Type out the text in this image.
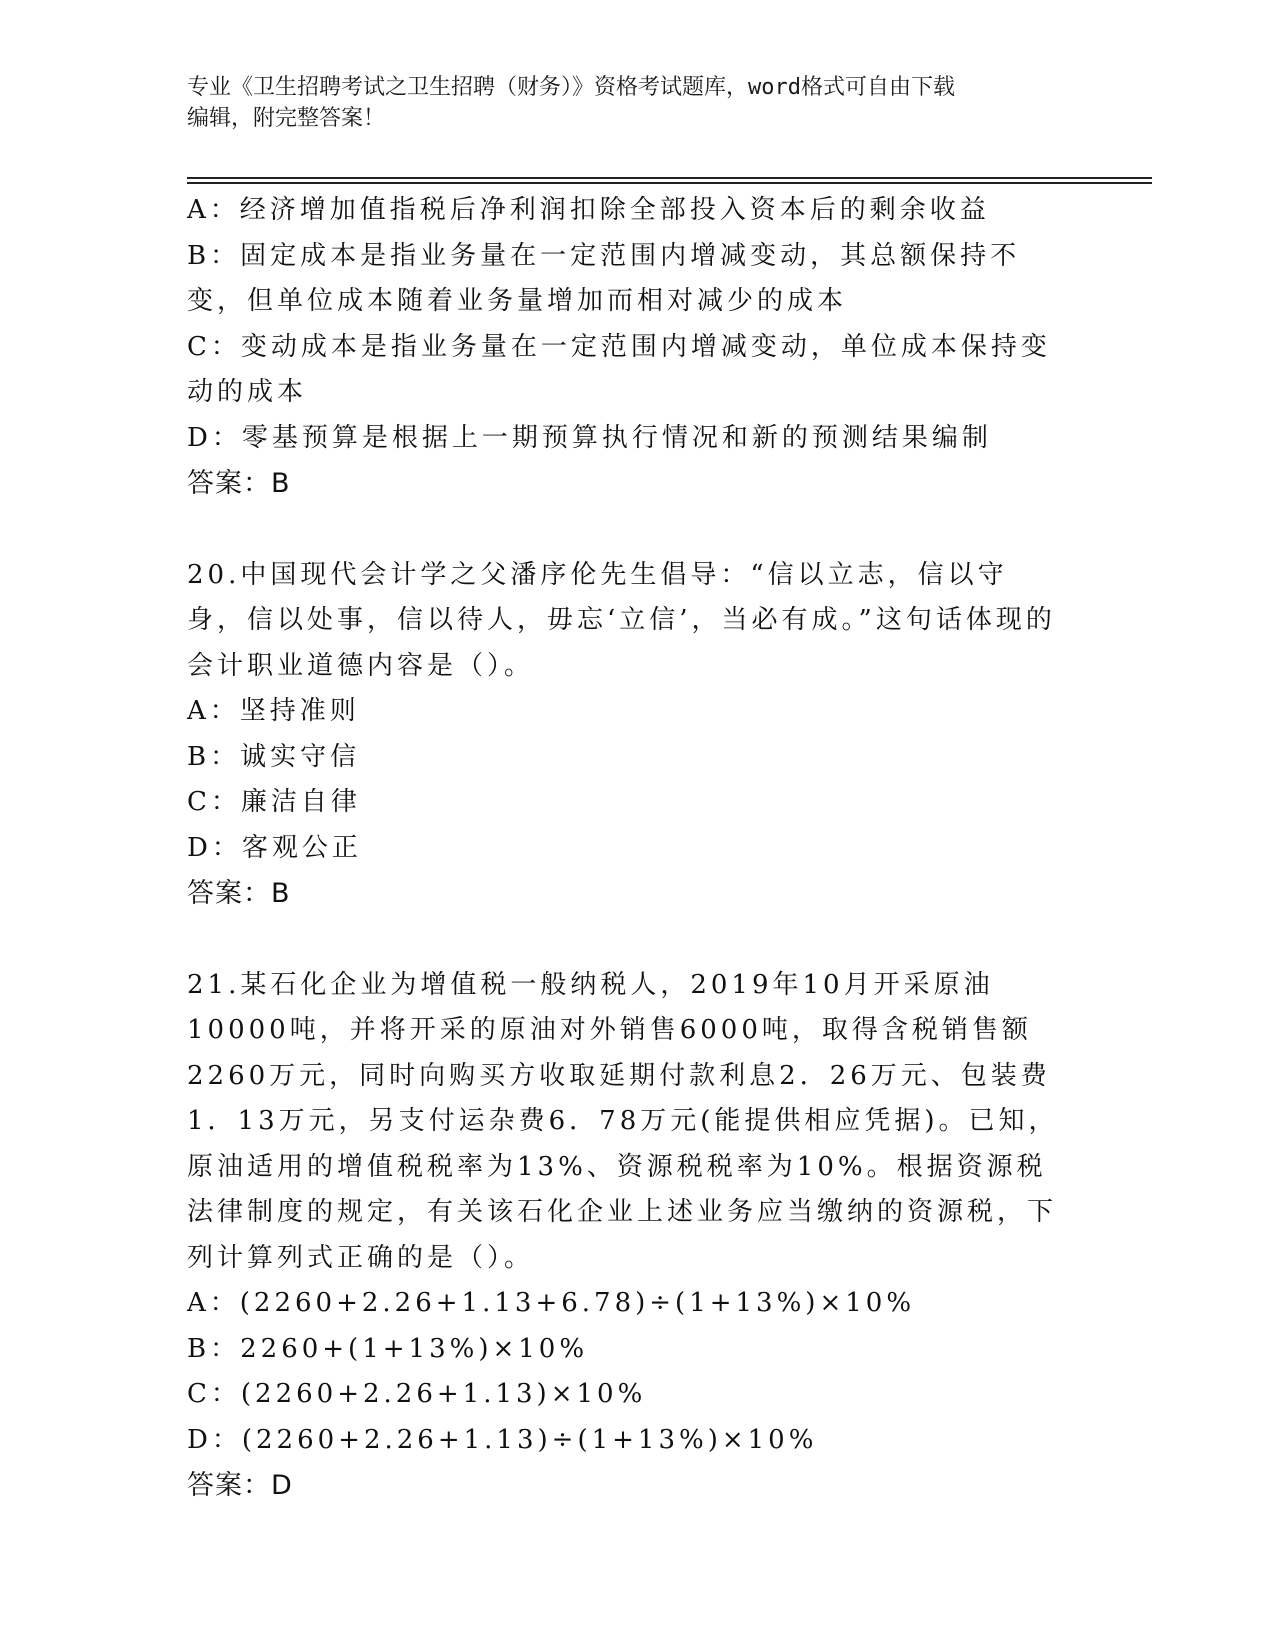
专业《卫生招聘考试之卫生招聘（财务）》资格考试题库，word格式可自由下载
编辑，附完整答案！

A：经济增加值指税后净利润扣除全部投入资本后的剩余收益

B：固定成本是指业务量在一定范围内增减变动，其总额保持不变，但单位成本随着业务量增加而相对减少的成本

C：变动成本是指业务量在一定范围内增减变动，单位成本保持变动的成本

D：零基预算是根据上一期预算执行情况和新的预测结果编制

答案：B

20.中国现代会计学之父潘序伦先生倡导：“信以立志，信以守身，信以处事，信以待人，毋忘‘立信’，当必有成。”这句话体现的会计职业道德内容是（）。

A：坚持准则

B：诚实守信

C：廉洁自律

D：客观公正

答案：B

21.某石化企业为增值税一般纳税人，2019年10月开采原油10000吨，并将开采的原油对外销售6000吨，取得含税销售额2260万元，同时向购买方收取延期付款利息2．26万元、包装费1．13万元，另支付运杂费6．78万元(能提供相应凭据)。已知，原油适用的增值税税率为13%、资源税税率为10%。根据资源税法律制度的规定，有关该石化企业上述业务应当缴纳的资源税，下列计算列式正确的是（）。

A：(2260+2.26+1.13+6.78)÷(1+13%)×10%

B：2260+(1+13%)×10%

C：(2260+2.26+1.13)×10%

D：(2260+2.26+1.13)÷(1+13%)×10%

答案：D
